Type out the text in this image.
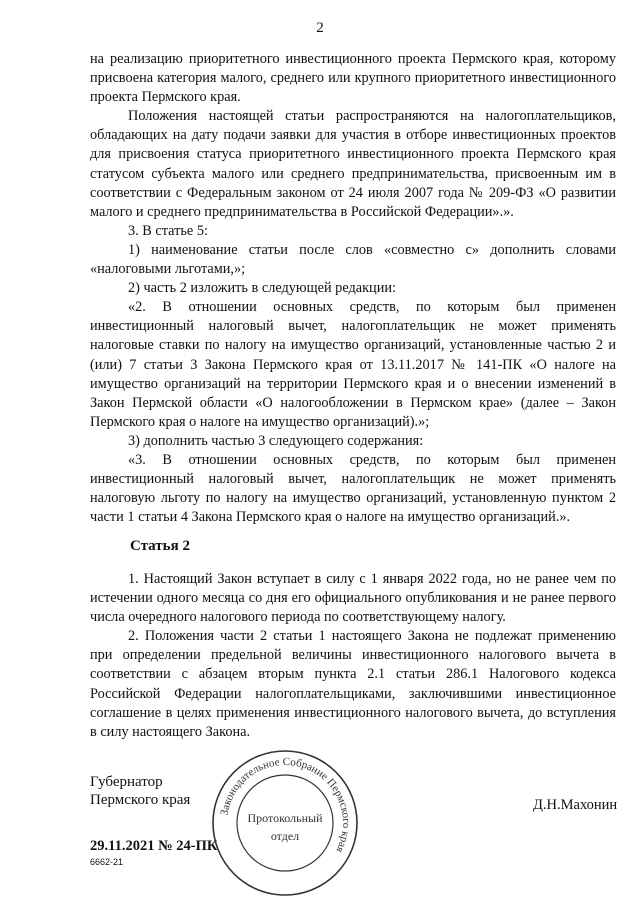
2

на реализацию приоритетного инвестиционного проекта Пермского края, которому присвоена категория малого, среднего или крупного приоритетного инвестиционного проекта Пермского края.

Положения настоящей статьи распространяются на налогоплательщиков, обладающих на дату подачи заявки для участия в отборе инвестиционных проектов для присвоения статуса приоритетного инвестиционного проекта Пермского края статусом субъекта малого или среднего предпринимательства, присвоенным им в соответствии с Федеральным законом от 24 июля 2007 года № 209-ФЗ «О развитии малого и среднего предпринимательства в Российской Федерации».».

3. В статье 5:

1) наименование статьи после слов «совместно с» дополнить словами «налоговыми льготами,»;

2) часть 2 изложить в следующей редакции:

«2. В отношении основных средств, по которым был применен инвестиционный налоговый вычет, налогоплательщик не может применять налоговые ставки по налогу на имущество организаций, установленные частью 2 и (или) 7 статьи 3 Закона Пермского края от 13.11.2017 № 141-ПК «О налоге на имущество организаций на территории Пермского края и о внесении изменений в Закон Пермской области «О налогообложении в Пермском крае» (далее – Закон Пермского края о налоге на имущество организаций).»;

3) дополнить частью 3 следующего содержания:

«3. В отношении основных средств, по которым был применен инвестиционный налоговый вычет, налогоплательщик не может применять налоговую льготу по налогу на имущество организаций, установленную пунктом 2 части 1 статьи 4 Закона Пермского края о налоге на имущество организаций.».

Статья 2

1. Настоящий Закон вступает в силу с 1 января 2022 года, но не ранее чем по истечении одного месяца со дня его официального опубликования и не ранее первого числа очередного налогового периода по соответствующему налогу.

2. Положения части 2 статьи 1 настоящего Закона не подлежат применению при определении предельной величины инвестиционного налогового вычета в соответствии с абзацем вторым пункта 2.1 статьи 286.1 Налогового кодекса Российской Федерации налогоплательщиками, заключившими инвестиционное соглашение в целях применения инвестиционного налогового вычета, до вступления в силу настоящего Закона.

Губернатор
Пермского края	Д.Н.Махонин
29.11.2021 № 24-ПК
6662-21
Законодательное Собрание Пермского края
Протокольный
отдел
